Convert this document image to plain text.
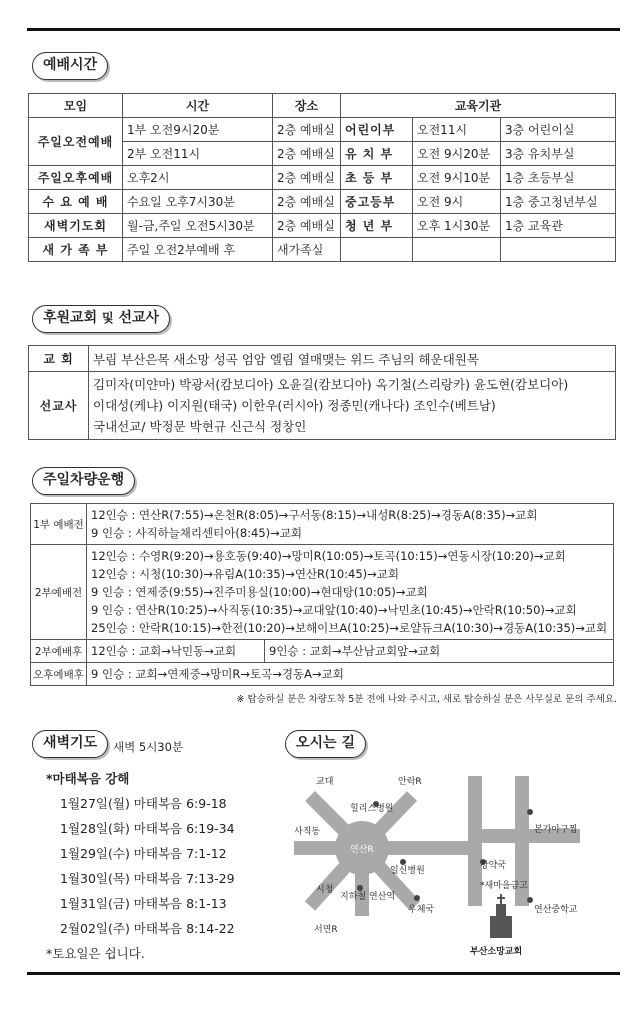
예배시간
모임	시간	장소	교육기관		
주일오전예배	1부 오전9시20분	2층 예배실	어린이부	오전11시	3층 어린이실
	2부 오전11시	2층 예배실	유 치 부	오전 9시20분	3층 유치부실
주일오후예배	오후2시	2층 예배실	초 등 부	오전 9시10분	1층 초등부실
수 요 예 배	수요일 오후7시30분	2층 예배실	중고등부	오전 9시	1층 중고청년부실
새벽기도회	월-금,주일 오전5시30분	2층 예배실	청 년 부	오후 1시30분	1층 교육관
새 가 족 부	주일 오전2부예배 후	새가족실			
후원교회 및 선교사
교 회	부림 부산은목 새소망 성곡 엄암 엘림 열매맺는 위드 주님의 해운대원목
선교사	김미자(미얀마) 박광서(캄보디아) 오윤길(캄보디아) 옥기철(스리랑카) 윤도현(캄보디아)
이대성(케냐) 이지원(태국) 이한우(러시아) 정종민(캐나다) 조인수(베트남)
국내선교/ 박정문 박현규 신근식 정창인
주일차량운행
1부 예배전	12인승 : 연산R(7:55)→온천R(8:05)→구서동(8:15)→내성R(8:25)→경동A(8:35)→교회
9 인승 : 사직하늘채리센티아(8:45)→교회

2부예배전	12인승 : 수영R(9:20)→용호동(9:40)→망미R(10:05)→토곡(10:15)→연동시장(10:20)→교회
12인승 : 시청(10:30)→유림A(10:35)→연산R(10:45)→교회
9 인승 : 연제중(9:55)→진주미용실(10:00)→현대탕(10:05)→교회
9 인승 : 연산R(10:25)→사직동(10:35)→교대앞(10:40)→낙민초(10:45)→안락R(10:50)→교회
25인승 : 안락R(10:15)→한전(10:20)→보해이브A(10:25)→로얄듀크A(10:30)→경동A(10:35)→교회

2부예배후	12인승 : 교회→낙민동→교회 9인승 : 교회→부산남교회앞→교회

오후예배후	9 인승 : 교회→연제중→망미R→토곡→경동A→교회
※ 탑승하실 분은 차량도착 5분 전에 나와 주시고, 새로 탑승하실 분은 사무실로 문의 주세요.
새벽기도	새벽 5시30분
*마태복음 강해
1월27일(월) 마태복음 6:9-18
1월28일(화) 마태복음 6:19-34
1월29일(수) 마태복음 7:1-12
1월30일(목) 마태복음 7:13-29
1월31일(금) 마태복음 8:1-13
2월02일(주) 마태복음 8:14-22
*토요일은 쉽니다.
오시는 길
연산R
교대	안락R
힐리스병원
사직동
일신병원
시청
지하철 연산역
우체국
서면R
강약국
*새마을금고
본가아구찜
연산중학교
부산소망교회
